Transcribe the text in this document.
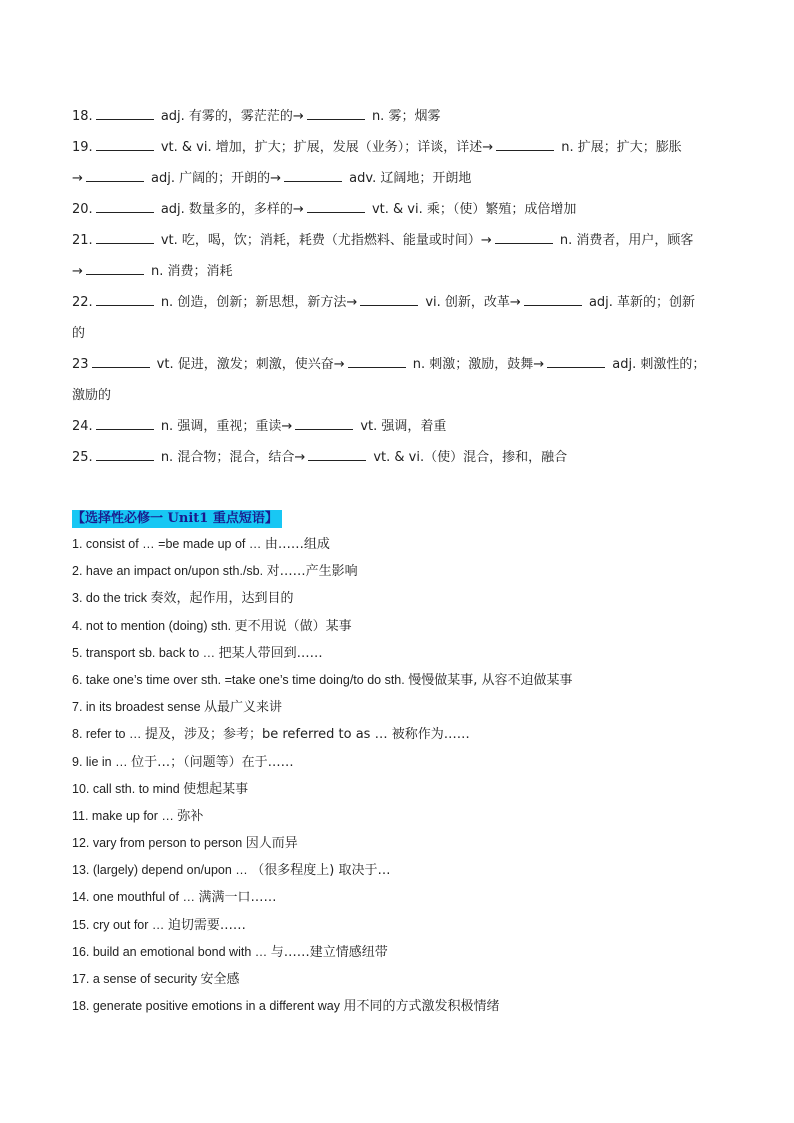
18.	adj. 有雾的，雾茫茫的→	n. 雾；烟雾
19.	vt. & vi. 增加，扩大；扩展，发展（业务）；详谈，详述→	n. 扩展；扩大；膨胀
→	adj. 广阔的；开朗的→	adv. 辽阔地；开朗地
20.	adj. 数量多的，多样的→	vt. & vi. 乘；（使）繁殖；成倍增加
21.	vt. 吃，喝，饮；消耗，耗费（尤指燃料、能量或时间）→	n. 消费者，用户，顾客
→	n. 消费；消耗
22.	n. 创造，创新；新思想，新方法→	vi. 创新，改革→	adj. 革新的；创新
的
23	vt. 促进，激发；刺激，使兴奋→	n. 刺激；激励，鼓舞→	adj. 刺激性的；
激励的
24.	n. 强调，重视；重读→	vt. 强调，着重
25.	n. 混合物；混合，结合→	vt. & vi.（使）混合，掺和，融合
【选择性必修一 Unit1 重点短语】
1. consist of … =be made up of … 由……组成
2. have an impact on/upon sth./sb. 对……产生影响
3. do the trick 奏效，起作用，达到目的
4. not to mention (doing) sth. 更不用说（做）某事
5. transport sb. back to … 把某人带回到……
6. take one’s time over sth. =take one’s time doing/to do sth. 慢慢做某事, 从容不迫做某事
7. in its broadest sense 从最广义来讲
8. refer to … 提及，涉及；参考；be referred to as … 被称作为……
9. lie in … 位于…；（问题等）在于……
10. call sth. to mind 使想起某事
11. make up for … 弥补
12. vary from person to person 因人而异
13. (largely) depend on/upon … （很多程度上) 取决于…
14. one mouthful of … 满满一口……
15. cry out for … 迫切需要……
16. build an emotional bond with … 与……建立情感纽带
17. a sense of security 安全感
18. generate positive emotions in a different way 用不同的方式激发积极情绪
